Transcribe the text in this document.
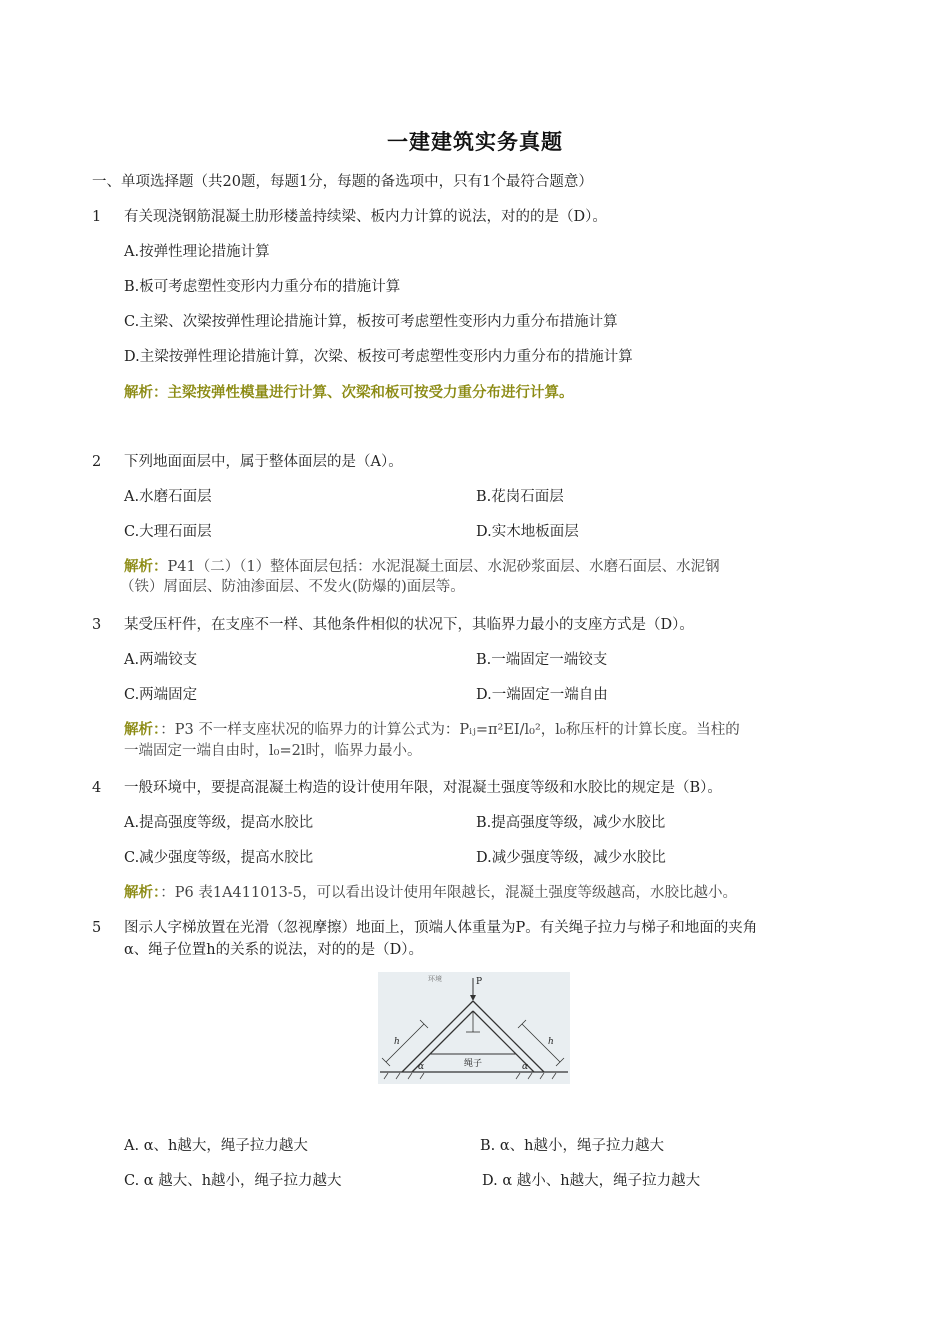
一建建筑实务真题
一、单项选择题（共20题，每题1分，每题的备选项中，只有1个最符合题意）
1 有关现浇钢筋混凝土肋形楼盖持续梁、板内力计算的说法，对的的是（D）。
A.按弹性理论措施计算
B.板可考虑塑性变形内力重分布的措施计算
C.主梁、次梁按弹性理论措施计算，板按可考虑塑性变形内力重分布措施计算
D.主梁按弹性理论措施计算，次梁、板按可考虑塑性变形内力重分布的措施计算
解析：主梁按弹性模量进行计算、次梁和板可按受力重分布进行计算。
2 下列地面面层中，属于整体面层的是（A）。
A.水磨石面层	B.花岗石面层
C.大理石面层	D.实木地板面层
解析：P41（二）（1）整体面层包括：水泥混凝土面层、水泥砂浆面层、水磨石面层、水泥钢
（铁）屑面层、防油渗面层、不发火(防爆的)面层等。
3 某受压杆件，在支座不一样、其他条件相似的状况下，其临界力最小的支座方式是（D）。
A.两端铰支	B.一端固定一端铰支
C.两端固定	D.一端固定一端自由
解析：：P3 不一样支座状况的临界力的计算公式为：Pᵢⱼ=π²EI/l₀²，l₀称压杆的计算长度。当柱的
一端固定一端自由时，l₀=2l时，临界力最小。
4 一般环境中，要提高混凝土构造的设计使用年限，对混凝土强度等级和水胶比的规定是（B）。
A.提高强度等级，提高水胶比	B.提高强度等级，减少水胶比
C.减少强度等级，提高水胶比	D.减少强度等级，减少水胶比
解析：：P6 表1A411013-5，可以看出设计使用年限越长，混凝土强度等级越高，水胶比越小。
5 图示人字梯放置在光滑（忽视摩擦）地面上，顶端人体重量为P。有关绳子拉力与梯子和地面的夹角
α、绳子位置h的关系的说法，对的的是（D）。
P
环境
绳子
α	α
h	h
A. α、h越大，绳子拉力越大	B. α、h越小，绳子拉力越大
C. α 越大、h越小，绳子拉力越大	D. α 越小、h越大，绳子拉力越大
